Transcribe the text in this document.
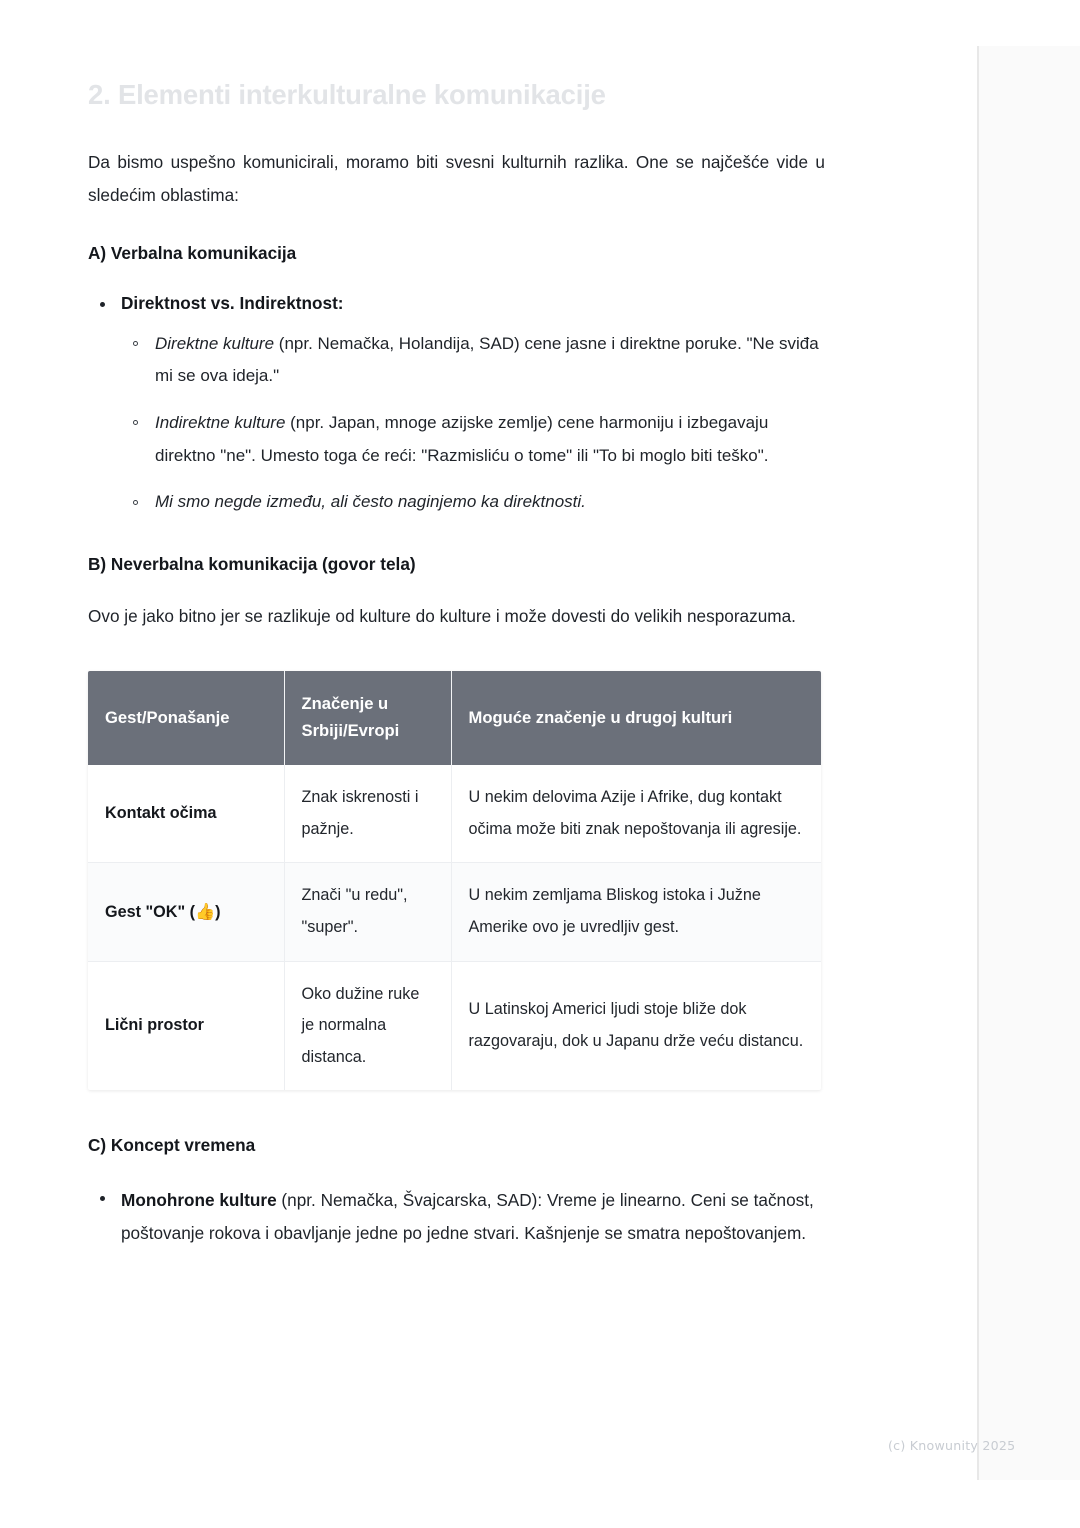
2. Elementi interkulturalne komunikacije

Da bismo uspešno komunicirali, moramo biti svesni kulturnih razlika. One se najčešće vide u sledećim oblastima:

A) Verbalna komunikacija
Direktnost vs. Indirektnost:
Direktne kulture (npr. Nemačka, Holandija, SAD) cene jasne i direktne poruke. "Ne sviđa mi se ova ideja."
Indirektne kulture (npr. Japan, mnoge azijske zemlje) cene harmoniju i izbegavaju direktno "ne". Umesto toga će reći: "Razmisliću o tome" ili "To bi moglo biti teško".
Mi smo negde između, ali često naginjemo ka direktnosti.
B) Neverbalna komunikacija (govor tela)

Ovo je jako bitno jer se razlikuje od kulture do kulture i može dovesti do velikih nesporazuma.

Gest/Ponašanje	Značenje u Srbiji/Evropi	Moguće značenje u drugoj kulturi
Kontakt očima	Znak iskrenosti i pažnje.	U nekim delovima Azije i Afrike, dug kontakt očima može biti znak nepoštovanja ili agresije.
Gest "OK" (👍)	Znači "u redu", "super".	U nekim zemljama Bliskog istoka i Južne Amerike ovo je uvredljiv gest.
Lični prostor	Oko dužine ruke je normalna distanca.	U Latinskoj Americi ljudi stoje bliže dok razgovaraju, dok u Japanu drže veću distancu.
C) Koncept vremena
Monohrone kulture (npr. Nemačka, Švajcarska, SAD): Vreme je linearno. Ceni se tačnost, poštovanje rokova i obavljanje jedne po jedne stvari. Kašnjenje se smatra nepoštovanjem.
(c) Knowunity 2025
